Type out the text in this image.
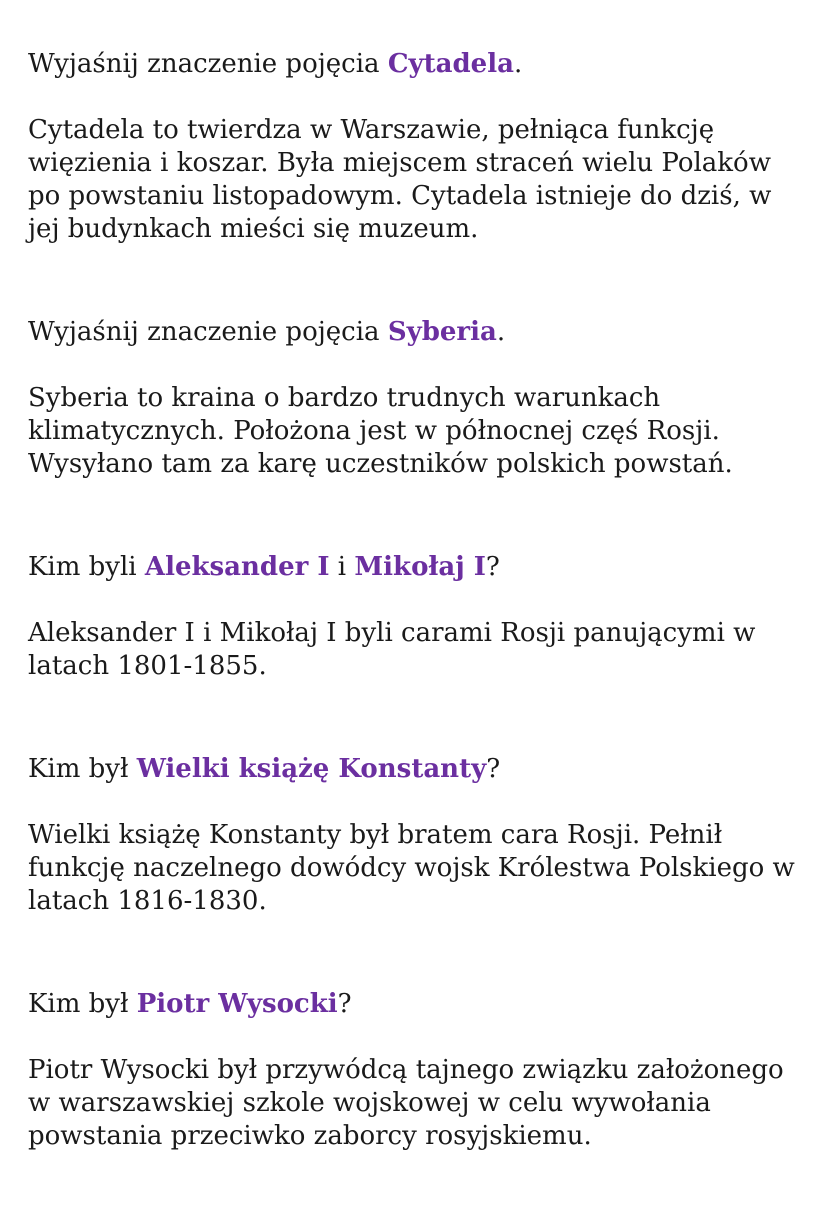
Wyjaśnij znaczenie pojęcia Cytadela.

Cytadela to twierdza w Warszawie, pełniąca funkcję więzienia i koszar. Była miejscem straceń wielu Polaków po powstaniu listopadowym. Cytadela istnieje do dziś, w jej budynkach mieści się muzeum.

Wyjaśnij znaczenie pojęcia Syberia.

Syberia to kraina o bardzo trudnych warunkach klimatycznych. Położona jest w północnej częś Rosji. Wysyłano tam za karę uczestników polskich powstań.

Kim byli Aleksander I i Mikołaj I?

Aleksander I i Mikołaj I byli carami Rosji panującymi w latach 1801-1855.

Kim był Wielki książę Konstanty?

Wielki książę Konstanty był bratem cara Rosji. Pełnił funkcję naczelnego dowódcy wojsk Królestwa Polskiego w latach 1816-1830.

Kim był Piotr Wysocki?

Piotr Wysocki był przywódcą tajnego związku założonego w warszawskiej szkole wojskowej w celu wywołania powstania przeciwko zaborcy rosyjskiemu.
